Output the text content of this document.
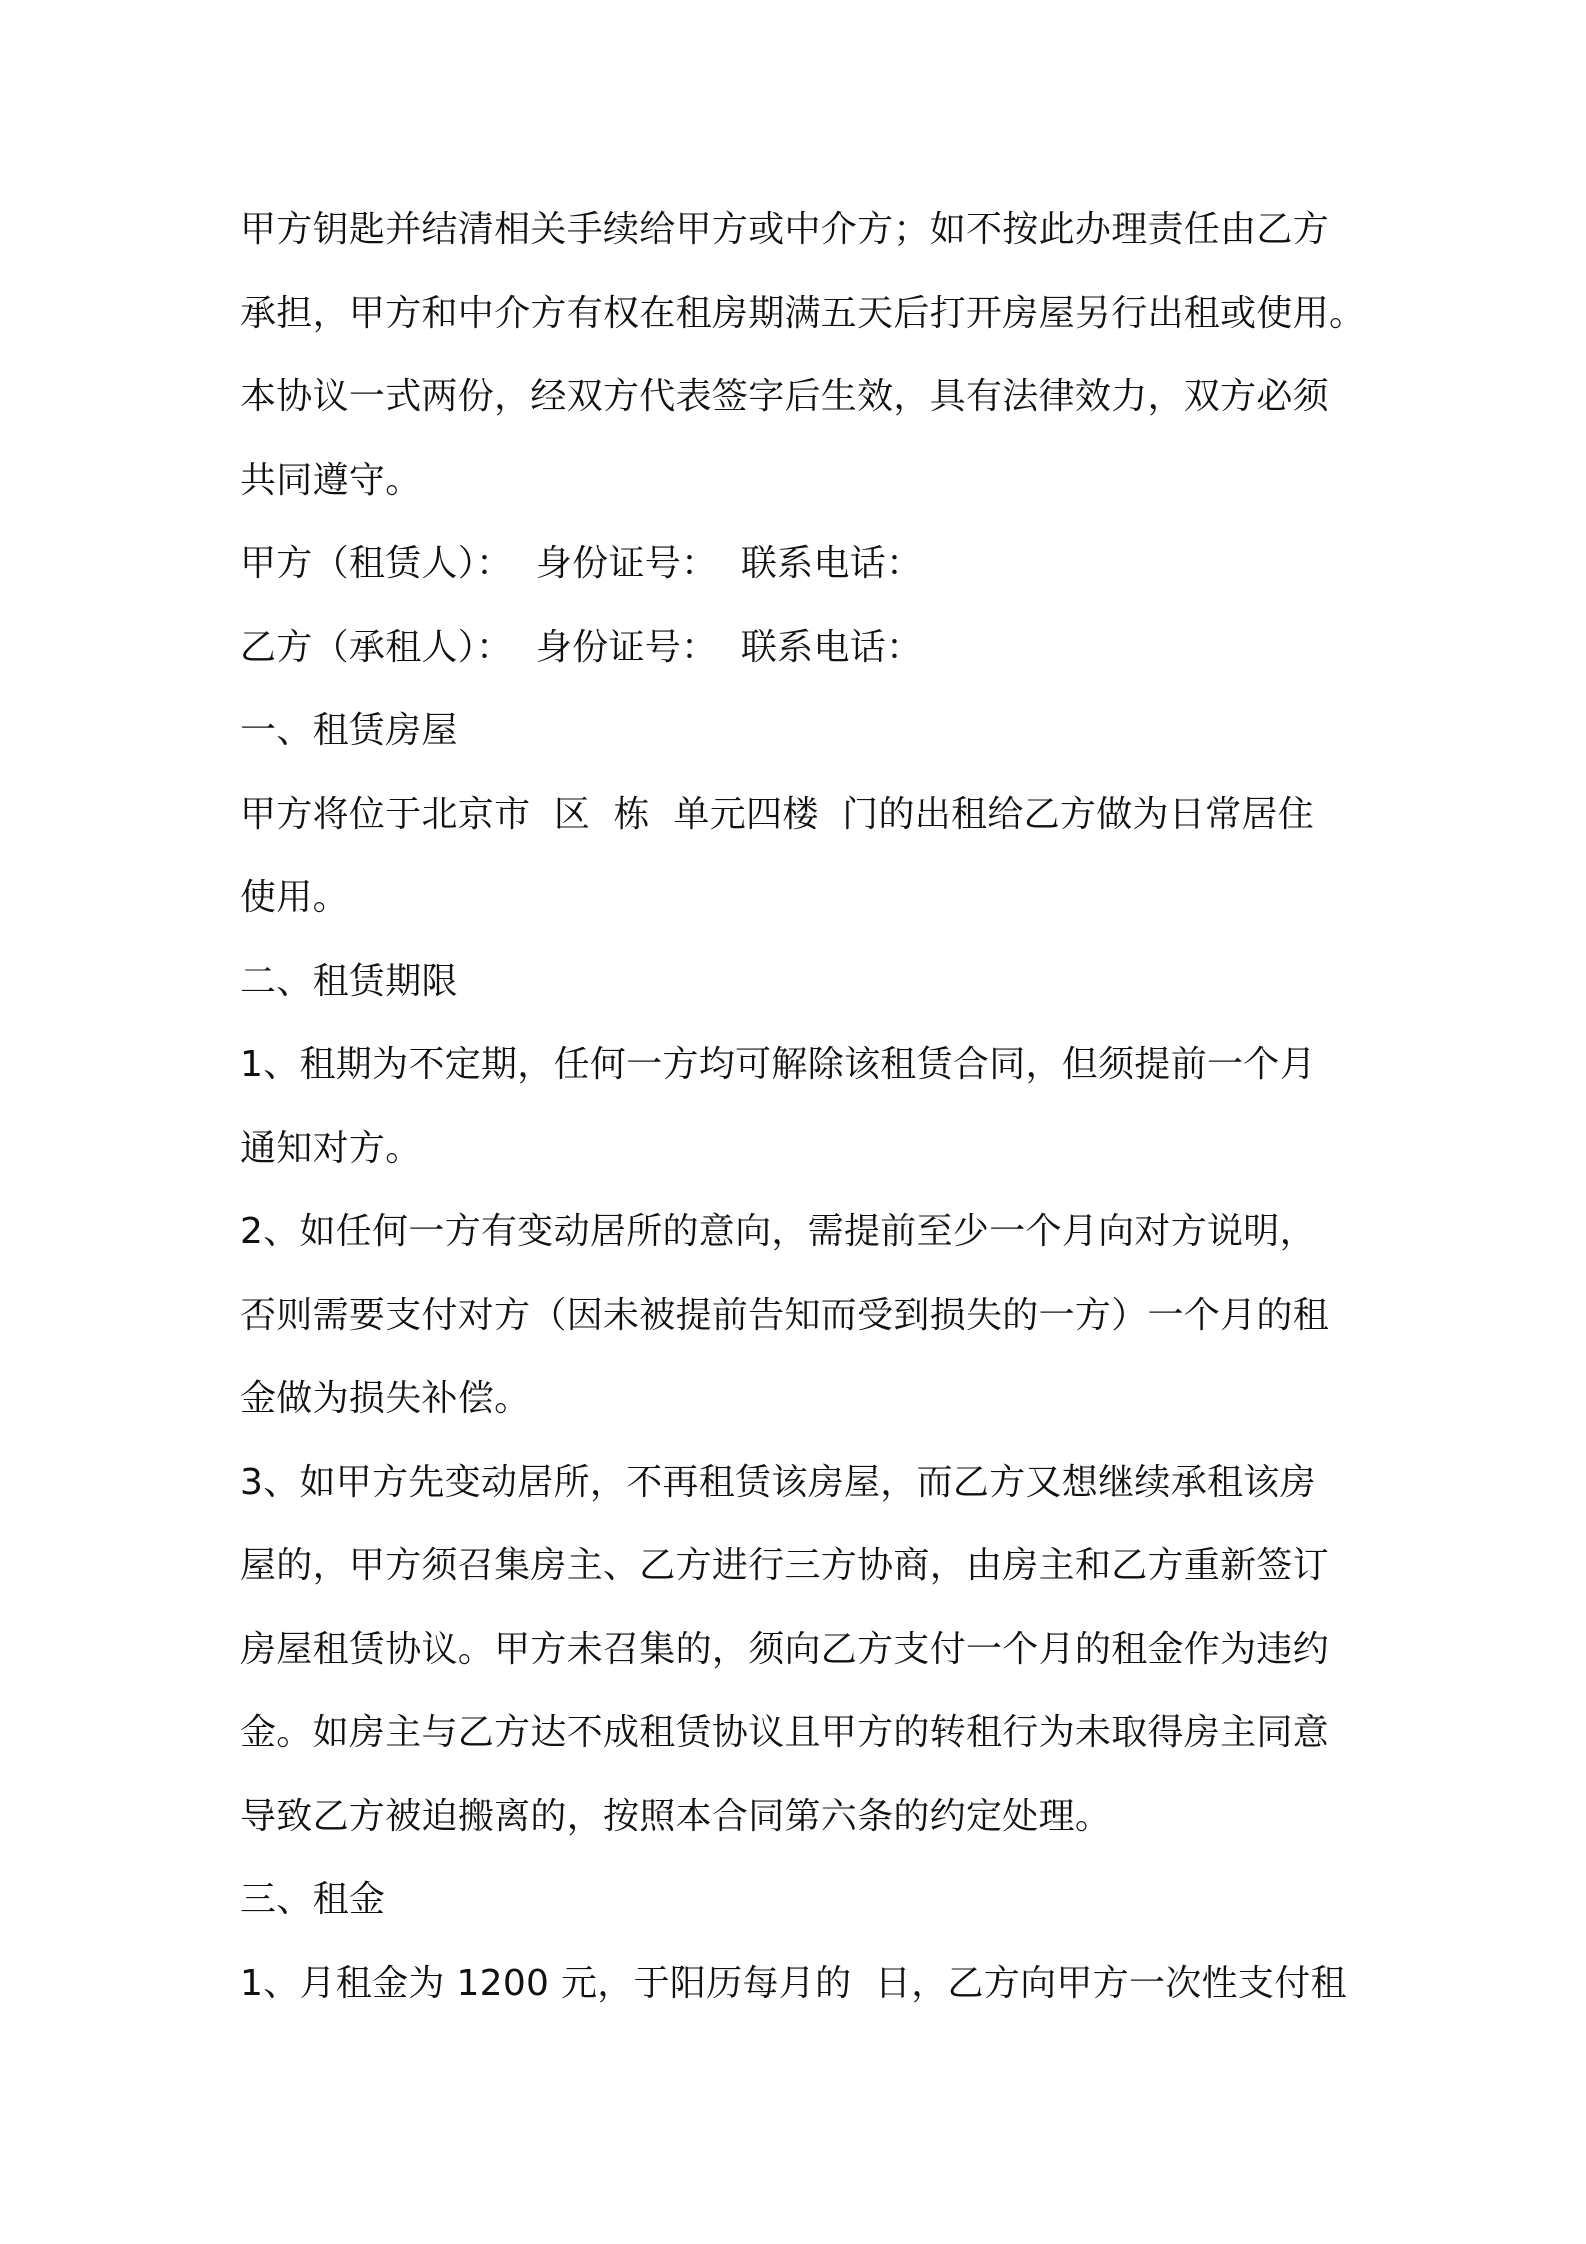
甲方钥匙并结清相关手续给甲方或中介方；如不按此办理责任由乙方
承担，甲方和中介方有权在租房期满五天后打开房屋另行出租或使用。
本协议一式两份，经双方代表签字后生效，具有法律效力，双方必须
共同遵守。
甲方（租赁人）：  身份证号：  联系电话：
乙方（承租人）：  身份证号：  联系电话：
一、租赁房屋
甲方将位于北京市  区  栋  单元四楼  门的出租给乙方做为日常居住
使用。
二、租赁期限
1、租期为不定期，任何一方均可解除该租赁合同，但须提前一个月
通知对方。
2、如任何一方有变动居所的意向，需提前至少一个月向对方说明，
否则需要支付对方（因未被提前告知而受到损失的一方）一个月的租
金做为损失补偿。
3、如甲方先变动居所，不再租赁该房屋，而乙方又想继续承租该房
屋的，甲方须召集房主、乙方进行三方协商，由房主和乙方重新签订
房屋租赁协议。甲方未召集的，须向乙方支付一个月的租金作为违约
金。如房主与乙方达不成租赁协议且甲方的转租行为未取得房主同意
导致乙方被迫搬离的，按照本合同第六条的约定处理。
三、租金
1、月租金为 1200 元，于阳历每月的  日，乙方向甲方一次性支付租
